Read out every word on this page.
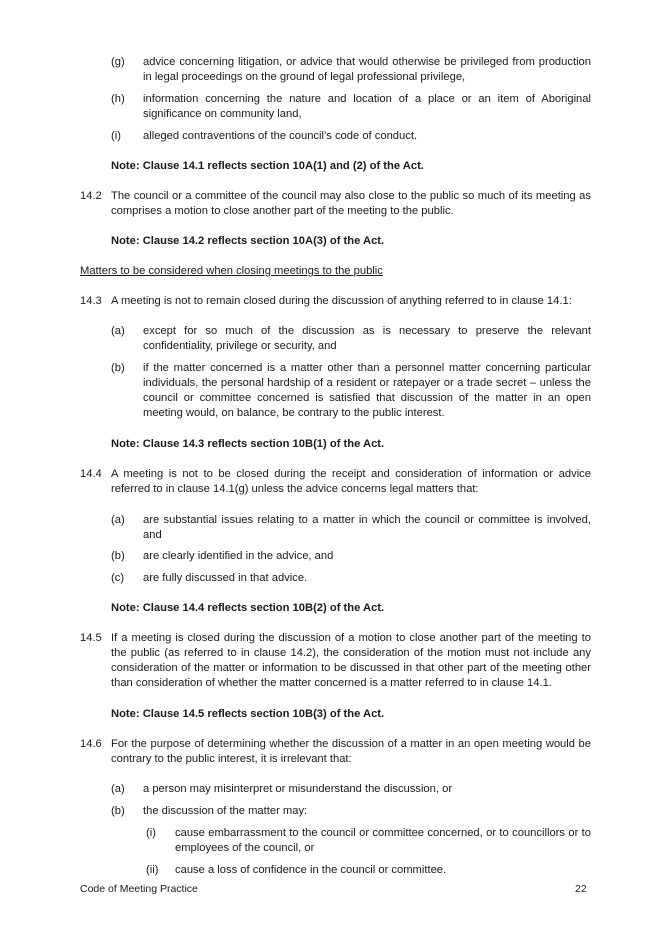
(g) advice concerning litigation, or advice that would otherwise be privileged from production in legal proceedings on the ground of legal professional privilege,
(h) information concerning the nature and location of a place or an item of Aboriginal significance on community land,
(i) alleged contraventions of the council’s code of conduct.
Note: Clause 14.1 reflects section 10A(1) and (2) of the Act.
14.2 The council or a committee of the council may also close to the public so much of its meeting as comprises a motion to close another part of the meeting to the public.
Note: Clause 14.2 reflects section 10A(3) of the Act.
Matters to be considered when closing meetings to the public
14.3 A meeting is not to remain closed during the discussion of anything referred to in clause 14.1:
(a) except for so much of the discussion as is necessary to preserve the relevant confidentiality, privilege or security, and
(b) if the matter concerned is a matter other than a personnel matter concerning particular individuals, the personal hardship of a resident or ratepayer or a trade secret – unless the council or committee concerned is satisfied that discussion of the matter in an open meeting would, on balance, be contrary to the public interest.
Note: Clause 14.3 reflects section 10B(1) of the Act.
14.4 A meeting is not to be closed during the receipt and consideration of information or advice referred to in clause 14.1(g) unless the advice concerns legal matters that:
(a) are substantial issues relating to a matter in which the council or committee is involved, and
(b) are clearly identified in the advice, and
(c) are fully discussed in that advice.
Note: Clause 14.4 reflects section 10B(2) of the Act.
14.5 If a meeting is closed during the discussion of a motion to close another part of the meeting to the public (as referred to in clause 14.2), the consideration of the motion must not include any consideration of the matter or information to be discussed in that other part of the meeting other than consideration of whether the matter concerned is a matter referred to in clause 14.1.
Note: Clause 14.5 reflects section 10B(3) of the Act.
14.6 For the purpose of determining whether the discussion of a matter in an open meeting would be contrary to the public interest, it is irrelevant that:
(a) a person may misinterpret or misunderstand the discussion, or
(b) the discussion of the matter may:
(i) cause embarrassment to the council or committee concerned, or to councillors or to employees of the council, or
(ii) cause a loss of confidence in the council or committee.
Code of Meeting Practice	22
